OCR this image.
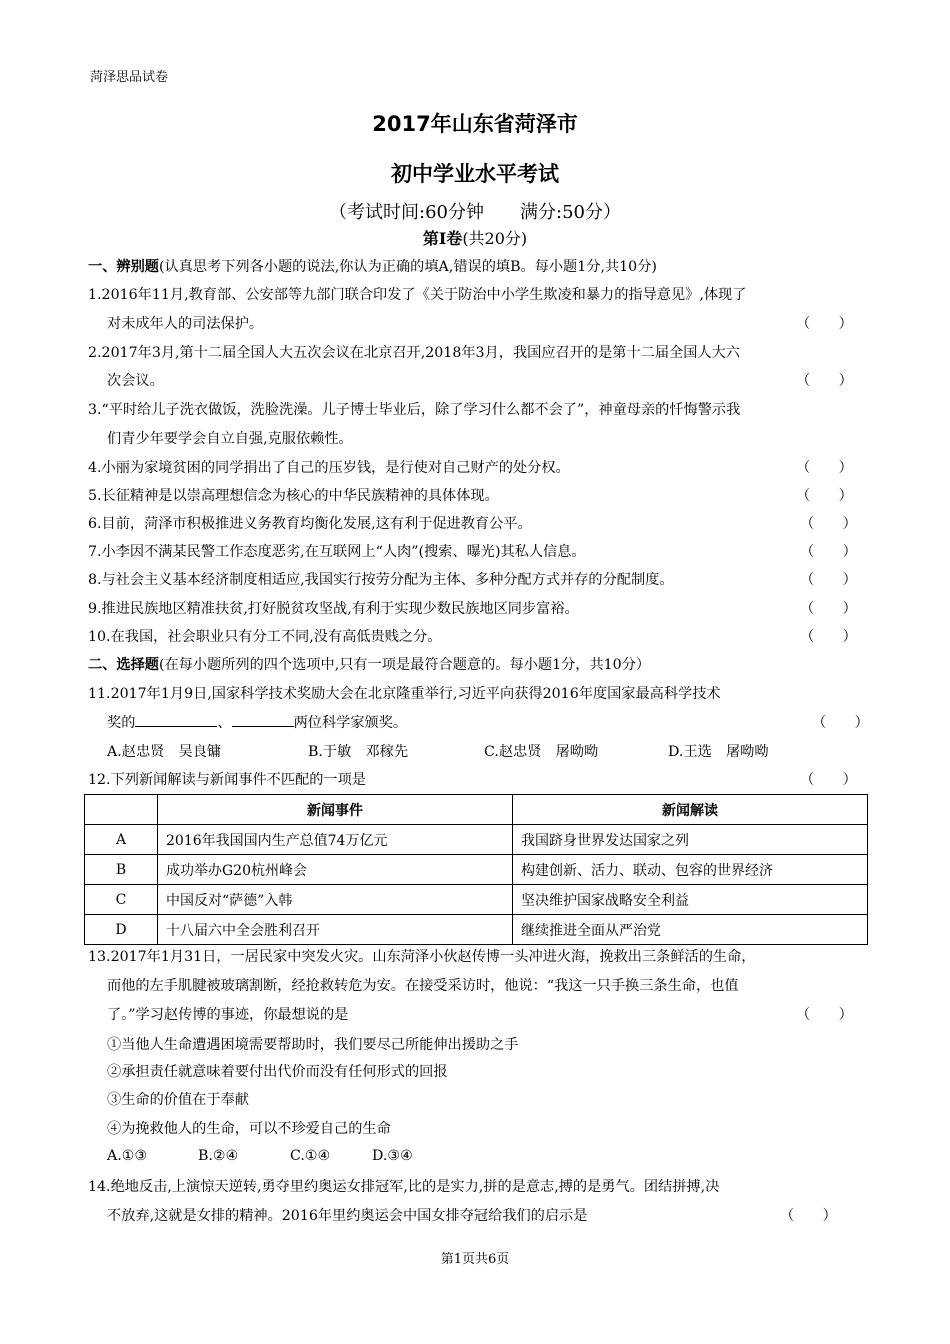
菏泽思品试卷
2017年山东省菏泽市
初中学业水平考试
（考试时间:60分钟　　满分:50分）
第Ⅰ卷(共20分)
一、辨别题(认真思考下列各小题的说法,你认为正确的填A,错误的填B。每小题1分,共10分)
1.2016年11月,教育部、公安部等九部门联合印发了《关于防治中小学生欺凌和暴力的指导意见》,体现了
对未成年人的司法保护。	（　　）
2.2017年3月,第十二届全国人大五次会议在北京召开,2018年3月，我国应召开的是第十二届全国人大六
次会议。	（　　）
3.“平时给儿子洗衣做饭，洗脸洗澡。儿子博士毕业后，除了学习什么都不会了”，神童母亲的忏悔警示我
们青少年要学会自立自强,克服依赖性。
4.小丽为家境贫困的同学捐出了自己的压岁钱，是行使对自己财产的处分权。	（　　）
5.长征精神是以崇高理想信念为核心的中华民族精神的具体体现。	（　　）
6.目前，菏泽市积极推进义务教育均衡化发展,这有利于促进教育公平。	（　　）
7.小李因不满某民警工作态度恶劣,在互联网上“人肉”(搜索、曝光)其私人信息。	（　　）
8.与社会主义基本经济制度相适应,我国实行按劳分配为主体、多种分配方式并存的分配制度。	（　　）
9.推进民族地区精准扶贫,打好脱贫攻坚战,有利于实现少数民族地区同步富裕。	（　　）
10.在我国，社会职业只有分工不同,没有高低贵贱之分。	（　　）
二、选择题(在每小题所列的四个选项中,只有一项是最符合题意的。每小题1分，共10分）
11.2017年1月9日,国家科学技术奖励大会在北京隆重举行,习近平向获得2016年度国家最高科学技术
奖的	、	两位科学家颁奖。	（　　）
A.赵忠贤　吴良镛	B.于敏　邓稼先	C.赵忠贤　屠呦呦	D.王选　屠呦呦
12.下列新闻解读与新闻事件不匹配的一项是	（　　）
	新闻事件	新闻解读
A	2016年我国国内生产总值74万亿元	我国跻身世界发达国家之列
B	成功举办G20杭州峰会	构建创新、活力、联动、包容的世界经济
C	中国反对“萨德”入韩	坚决维护国家战略安全利益
D	十八届六中全会胜利召开	继续推进全面从严治党
13.2017年1月31日，一居民家中突发火灾。山东菏泽小伙赵传博一头冲进火海，挽救出三条鲜活的生命，
而他的左手肌腱被玻璃割断，经抢救转危为安。在接受采访时，他说：“我这一只手换三条生命，也值
了。”学习赵传博的事迹，你最想说的是	（　　）
①当他人生命遭遇困境需要帮助时，我们要尽己所能伸出援助之手
②承担责任就意味着要付出代价而没有任何形式的回报
③生命的价值在于奉献
④为挽救他人的生命，可以不珍爱自己的生命
A.①③	B.②④	C.①④	D.③④
14.绝地反击,上演惊天逆转,勇夺里约奥运女排冠军,比的是实力,拼的是意志,搏的是勇气。团结拼搏,决
不放弃,这就是女排的精神。2016年里约奥运会中国女排夺冠给我们的启示是	（　　）
第1页共6页
